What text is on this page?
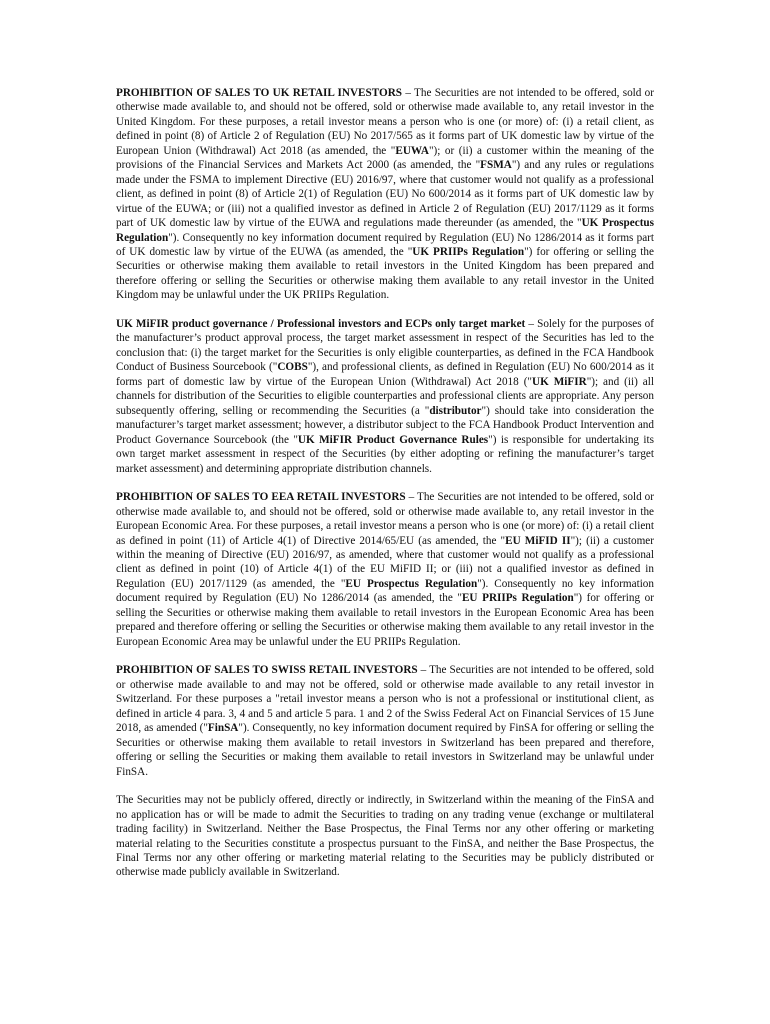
PROHIBITION OF SALES TO UK RETAIL INVESTORS – The Securities are not intended to be offered, sold or otherwise made available to, and should not be offered, sold or otherwise made available to, any retail investor in the United Kingdom. For these purposes, a retail investor means a person who is one (or more) of: (i) a retail client, as defined in point (8) of Article 2 of Regulation (EU) No 2017/565 as it forms part of UK domestic law by virtue of the European Union (Withdrawal) Act 2018 (as amended, the "EUWA"); or (ii) a customer within the meaning of the provisions of the Financial Services and Markets Act 2000 (as amended, the "FSMA") and any rules or regulations made under the FSMA to implement Directive (EU) 2016/97, where that customer would not qualify as a professional client, as defined in point (8) of Article 2(1) of Regulation (EU) No 600/2014 as it forms part of UK domestic law by virtue of the EUWA; or (iii) not a qualified investor as defined in Article 2 of Regulation (EU) 2017/1129 as it forms part of UK domestic law by virtue of the EUWA and regulations made thereunder (as amended, the "UK Prospectus Regulation"). Consequently no key information document required by Regulation (EU) No 1286/2014 as it forms part of UK domestic law by virtue of the EUWA (as amended, the "UK PRIIPs Regulation") for offering or selling the Securities or otherwise making them available to retail investors in the United Kingdom has been prepared and therefore offering or selling the Securities or otherwise making them available to any retail investor in the United Kingdom may be unlawful under the UK PRIIPs Regulation.

UK MiFIR product governance / Professional investors and ECPs only target market – Solely for the purposes of the manufacturer’s product approval process, the target market assessment in respect of the Securities has led to the conclusion that: (i) the target market for the Securities is only eligible counterparties, as defined in the FCA Handbook Conduct of Business Sourcebook ("COBS"), and professional clients, as defined in Regulation (EU) No 600/2014 as it forms part of domestic law by virtue of the European Union (Withdrawal) Act 2018 ("UK MiFIR"); and (ii) all channels for distribution of the Securities to eligible counterparties and professional clients are appropriate. Any person subsequently offering, selling or recommending the Securities (a "distributor") should take into consideration the manufacturer’s target market assessment; however, a distributor subject to the FCA Handbook Product Intervention and Product Governance Sourcebook (the "UK MiFIR Product Governance Rules") is responsible for undertaking its own target market assessment in respect of the Securities (by either adopting or refining the manufacturer’s target market assessment) and determining appropriate distribution channels.

PROHIBITION OF SALES TO EEA RETAIL INVESTORS – The Securities are not intended to be offered, sold or otherwise made available to, and should not be offered, sold or otherwise made available to, any retail investor in the European Economic Area. For these purposes, a retail investor means a person who is one (or more) of: (i) a retail client as defined in point (11) of Article 4(1) of Directive 2014/65/EU (as amended, the "EU MiFID II"); (ii) a customer within the meaning of Directive (EU) 2016/97, as amended, where that customer would not qualify as a professional client as defined in point (10) of Article 4(1) of the EU MiFID II; or (iii) not a qualified investor as defined in Regulation (EU) 2017/1129 (as amended, the "EU Prospectus Regulation"). Consequently no key information document required by Regulation (EU) No 1286/2014 (as amended, the "EU PRIIPs Regulation") for offering or selling the Securities or otherwise making them available to retail investors in the European Economic Area has been prepared and therefore offering or selling the Securities or otherwise making them available to any retail investor in the European Economic Area may be unlawful under the EU PRIIPs Regulation.

PROHIBITION OF SALES TO SWISS RETAIL INVESTORS – The Securities are not intended to be offered, sold or otherwise made available to and may not be offered, sold or otherwise made available to any retail investor in Switzerland. For these purposes a "retail investor means a person who is not a professional or institutional client, as defined in article 4 para. 3, 4 and 5 and article 5 para. 1 and 2 of the Swiss Federal Act on Financial Services of 15 June 2018, as amended ("FinSA"). Consequently, no key information document required by FinSA for offering or selling the Securities or otherwise making them available to retail investors in Switzerland has been prepared and therefore, offering or selling the Securities or making them available to retail investors in Switzerland may be unlawful under FinSA.

The Securities may not be publicly offered, directly or indirectly, in Switzerland within the meaning of the FinSA and no application has or will be made to admit the Securities to trading on any trading venue (exchange or multilateral trading facility) in Switzerland. Neither the Base Prospectus, the Final Terms nor any other offering or marketing material relating to the Securities constitute a prospectus pursuant to the FinSA, and neither the Base Prospectus, the Final Terms nor any other offering or marketing material relating to the Securities may be publicly distributed or otherwise made publicly available in Switzerland.
